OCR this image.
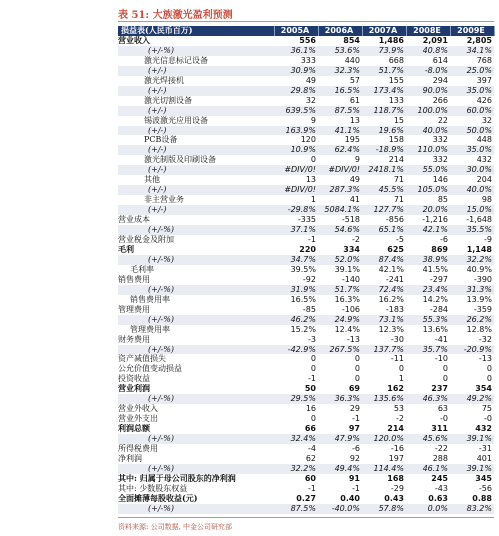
表 51: 大族激光盈利预测
损益表(人民币百万)	2005A	2006A	2007A	2008E	2009E
营业收入	556	854	1,486	2,091	2,805
(+/-%)	36.1%	53.6%	73.9%	40.8%	34.1%
激光信息标记设备	333	440	668	614	768
(+/-)	30.9%	32.3%	51.7%	-8.0%	25.0%
激光焊接机	49	57	155	294	397
(+/-)	29.8%	16.5%	173.4%	90.0%	35.0%
激光切割设备	32	61	133	266	426
(+/-)	639.5%	87.5%	118.7%	100.0%	60.0%
锡波激光应用设备	9	13	15	22	32
(+/-)	163.9%	41.1%	19.6%	40.0%	50.0%
PCB设备	120	195	158	332	448
(+/-)	10.9%	62.4%	-18.9%	110.0%	35.0%
激光制版及印刷设备	0	9	214	332	432
(+/-)	#DIV/0!	#DIV/0!	2418.1%	55.0%	30.0%
其他	13	49	71	146	204
(+/-)	#DIV/0!	287.3%	45.5%	105.0%	40.0%
非主营业务	1	41	71	85	98
(+/-)	-29.8%	5084.1%	127.7%	20.0%	15.0%
营业成本	-335	-518	-856	-1,216	-1,648
(+/-%)	37.1%	54.6%	65.1%	42.1%	35.5%
营业税金及附加	-1	-2	-5	-6	-9
毛利	220	334	625	869	1,148
(+/-%)	34.7%	52.0%	87.4%	38.9%	32.2%
毛利率	39.5%	39.1%	42.1%	41.5%	40.9%
销售费用	-92	-140	-241	-297	-390
(+/-%)	31.9%	51.7%	72.4%	23.4%	31.3%
销售费用率	16.5%	16.3%	16.2%	14.2%	13.9%
管理费用	-85	-106	-183	-284	-359
(+/-%)	46.2%	24.9%	73.1%	55.3%	26.2%
管理费用率	15.2%	12.4%	12.3%	13.6%	12.8%
财务费用	-3	-13	-30	-41	-32
(+/-%)	-42.9%	267.5%	137.7%	35.7%	-20.9%
资产减值损失	0	0	-11	-10	-13
公允价值变动损益	0	0	0	0	0
投资收益	-1	0	1	0	0
营业利润	50	69	162	237	354
(+/-%)	29.5%	36.3%	135.6%	46.3%	49.2%
营业外收入	16	29	53	63	75
营业外支出	0	-1	-2	-0	-0
利润总额	66	97	214	311	432
(+/-%)	32.4%	47.9%	120.0%	45.6%	39.1%
所得税费用	-4	-6	-16	-22	-31
净利润	62	92	197	288	401
(+/-%)	32.2%	49.4%	114.4%	46.1%	39.1%
其中: 归属于母公司股东的净利润	60	91	168	245	345
其中: 少数股东权益	-1	-1	-29	-43	-56
全面摊薄每股收益(元)	0.27	0.40	0.43	0.63	0.88
(+/-%)	87.5%	-40.0%	57.8%	0.0%	83.2%
资料来源: 公司数据, 中金公司研究部
